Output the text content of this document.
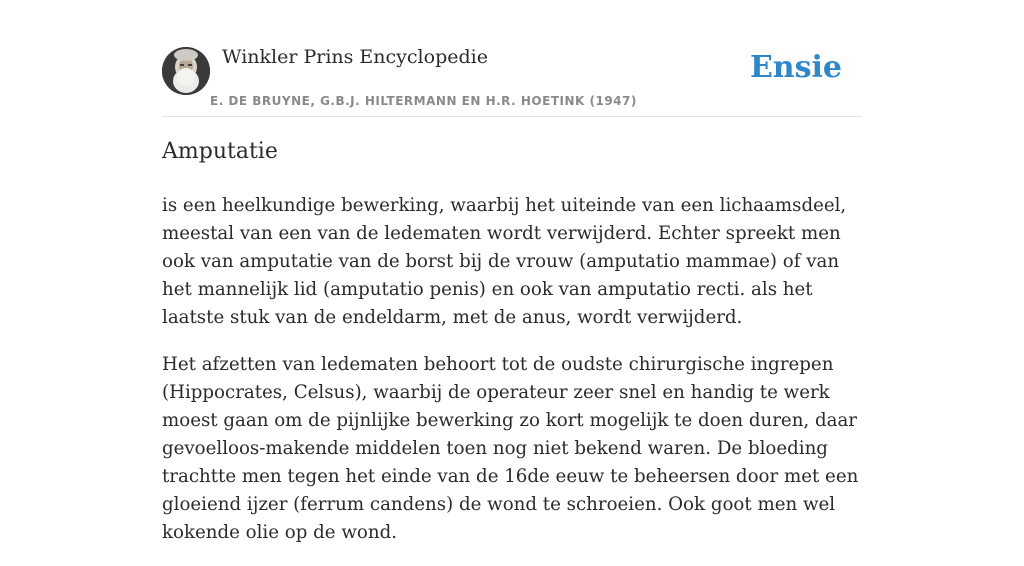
Winkler Prins Encyclopedie
E. DE BRUYNE, G.B.J. HILTERMANN EN H.R. HOETINK (1947)
Ensie
Amputatie

is een heelkundige bewerking, waarbij het uiteinde van een lichaamsdeel, meestal van een van de ledematen wordt verwijderd. Echter spreekt men ook van amputatie van de borst bij de vrouw (amputatio mammae) of van het mannelijk lid (amputatio penis) en ook van amputatio recti. als het laatste stuk van de endeldarm, met de anus, wordt verwijderd.

Het afzetten van ledematen behoort tot de oudste chirurgische ingrepen (Hippocrates, Celsus), waarbij de operateur zeer snel en handig te werk moest gaan om de pijnlijke bewerking zo kort mogelijk te doen duren, daar gevoelloos-makende middelen toen nog niet bekend waren. De bloeding trachtte men tegen het einde van de 16de eeuw te beheersen door met een gloeiend ijzer (ferrum candens) de wond te schroeien. Ook goot men wel kokende olie op de wond.
